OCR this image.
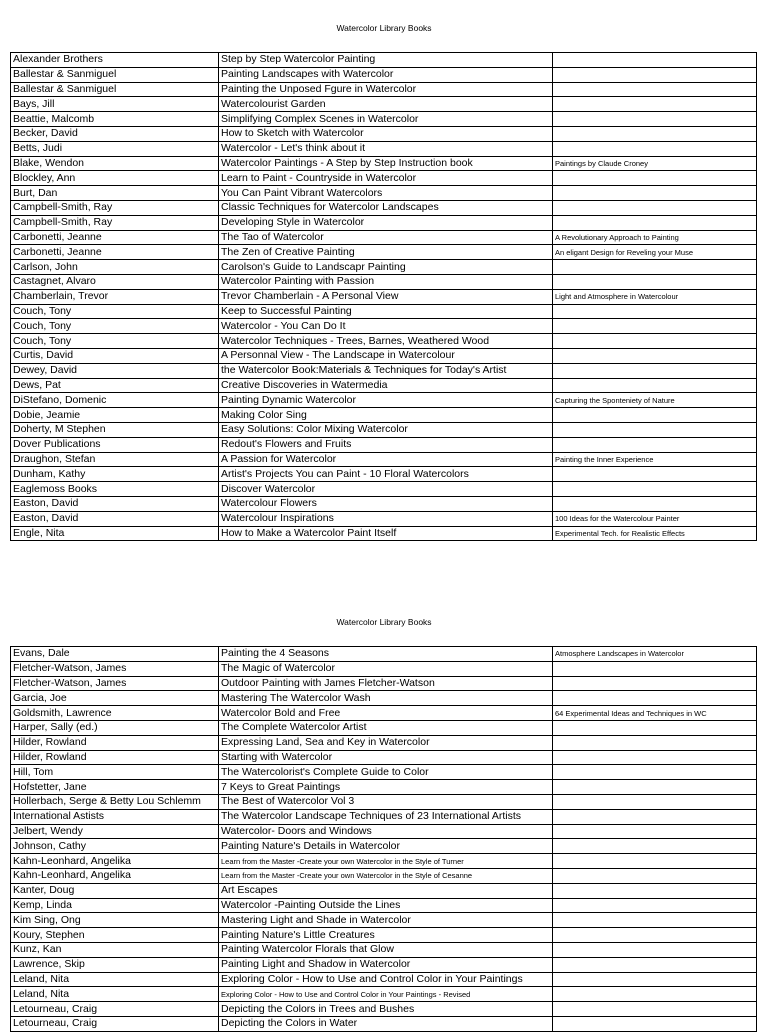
Watercolor Library Books
Alexander Brothers	Step by Step Watercolor Painting	
Ballestar & Sanmiguel	Painting Landscapes with Watercolor	
Ballestar & Sanmiguel	Painting the Unposed Fgure in Watercolor	
Bays, Jill	Watercolourist Garden	
Beattie, Malcomb	Simplifying Complex Scenes in Watercolor	
Becker, David	How to Sketch with Watercolor	
Betts, Judi	Watercolor - Let's think about it	
Blake, Wendon	Watercolor Paintings - A Step by Step Instruction book	Paintings by Claude Croney
Blockley, Ann	Learn to Paint - Countryside in Watercolor	
Burt, Dan	You Can Paint Vibrant Watercolors	
Campbell-Smith, Ray	Classic Techniques for Watercolor Landscapes	
Campbell-Smith, Ray	Developing Style in Watercolor	
Carbonetti, Jeanne	The Tao of Watercolor	A Revolutionary Approach to Painting
Carbonetti, Jeanne	The Zen of Creative Painting	An eligant Design for Reveling your Muse
Carlson, John	Carolson's Guide to Landscapr Painting	
Castagnet, Alvaro	Watercolor Painting with Passion	
Chamberlain, Trevor	Trevor Chamberlain - A Personal View	Light and Atmosphere in Watercolour
Couch, Tony	Keep to Successful Painting	
Couch, Tony	Watercolor - You Can Do It	
Couch, Tony	Watercolor Techniques - Trees, Barnes, Weathered Wood	
Curtis, David	A Personnal View - The Landscape in Watercolour	
Dewey, David	the Watercolor Book:Materials & Techniques for Today's Artist	
Dews, Pat	Creative Discoveries in Watermedia	
DiStefano, Domenic	Painting Dynamic Watercolor	Capturing the Sponteniety of Nature
Dobie, Jeamie	Making Color Sing	
Doherty, M Stephen	Easy Solutions: Color Mixing Watercolor	
Dover Publications	Redout's Flowers and Fruits	
Draughon, Stefan	A Passion for Watercolor	Painting the Inner Experience
Dunham, Kathy	Artist's Projects You can Paint - 10 Floral Watercolors	
Eaglemoss Books	Discover Watercolor	
Easton, David	Watercolour Flowers	
Easton, David	Watercolour Inspirations	100 Ideas for the Watercolour Painter
Engle, Nita	How to Make a Watercolor Paint Itself	Experimental Tech. for Realistic Effects
Watercolor Library Books
Evans, Dale	Painting the 4 Seasons	Atmosphere Landscapes in Watercolor
Fletcher-Watson, James	The Magic of Watercolor	
Fletcher-Watson, James	Outdoor Painting with James Fletcher-Watson	
Garcia, Joe	Mastering The Watercolor Wash	
Goldsmith, Lawrence	Watercolor Bold and Free	64 Experimental Ideas and Techniques in WC
Harper, Sally (ed.)	The Complete Watercolor Artist	
Hilder, Rowland	Expressing Land, Sea and Key in Watercolor	
Hilder, Rowland	Starting with Watercolor	
Hill, Tom	The Watercolorist's Complete Guide to Color	
Hofstetter, Jane	7 Keys to Great Paintings	
Hollerbach, Serge & Betty Lou Schlemm	The Best of Watercolor Vol 3	
International Astists	The Watercolor Landscape Techniques of 23 International Artists	
Jelbert, Wendy	Watercolor- Doors and Windows	
Johnson, Cathy	Painting Nature's Details in Watercolor	
Kahn-Leonhard, Angelika	Learn from the Master -Create your own Watercolor in the Style of Turner	
Kahn-Leonhard, Angelika	Learn from the Master -Create your own Watercolor in the Style of Cesanne	
Kanter, Doug	Art Escapes	
Kemp, Linda	Watercolor -Painting Outside the Lines	
Kim Sing, Ong	Mastering Light and Shade in Watercolor	
Koury, Stephen	Painting Nature's Little Creatures	
Kunz, Kan	Painting Watercolor Florals that Glow	
Lawrence, Skip	Painting Light and Shadow in Watercolor	
Leland, Nita	Exploring Color - How to Use and Control Color in Your Paintings	
Leland, Nita	Exploring Color - How to Use and Control Color in Your Paintings - Revised	
Letourneau, Craig	Depicting the Colors in Trees and Bushes	
Letourneau, Craig	Depicting the Colors in Water	
